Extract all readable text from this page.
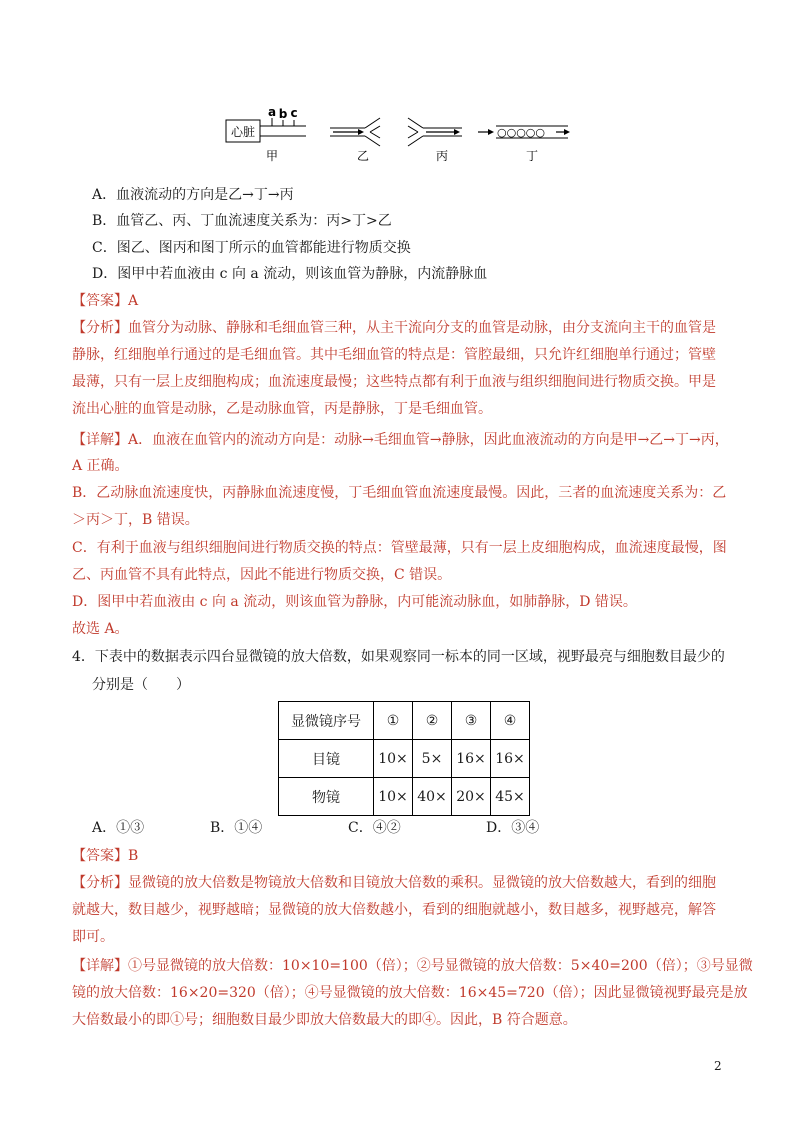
心脏
a b c
甲	乙	丙
○○○○○
丁
A．血液流动的方向是乙→丁→丙
B．血管乙、丙、丁血流速度关系为：丙>丁>乙
C．图乙、图丙和图丁所示的血管都能进行物质交换
D．图甲中若血液由 c 向 a 流动，则该血管为静脉，内流静脉血
【答案】A
【分析】血管分为动脉、静脉和毛细血管三种，从主干流向分支的血管是动脉，由分支流向主干的血管是
静脉，红细胞单行通过的是毛细血管。其中毛细血管的特点是：管腔最细，只允许红细胞单行通过；管壁
最薄，只有一层上皮细胞构成；血流速度最慢；这些特点都有利于血液与组织细胞间进行物质交换。甲是
流出心脏的血管是动脉，乙是动脉血管，丙是静脉，丁是毛细血管。
【详解】A．血液在血管内的流动方向是：动脉→毛细血管→静脉，因此血液流动的方向是甲→乙→丁→丙，
A 正确。
B．乙动脉血流速度快，丙静脉血流速度慢，丁毛细血管血流速度最慢。因此，三者的血流速度关系为：乙
＞丙＞丁，B 错误。
C．有利于血液与组织细胞间进行物质交换的特点：管壁最薄，只有一层上皮细胞构成，血流速度最慢，图
乙、丙血管不具有此特点，因此不能进行物质交换，C 错误。
D．图甲中若血液由 c 向 a 流动，则该血管为静脉，内可能流动脉血，如肺静脉，D 错误。
故选 A。
4．下表中的数据表示四台显微镜的放大倍数，如果观察同一标本的同一区域，视野最亮与细胞数目最少的
分别是（　　）
显微镜序号	①	②	③	④
目镜	10×	5×	16×	16×
物镜	10×	40×	20×	45×
A．①③	B．①④	C．④②	D．③④
【答案】B
【分析】显微镜的放大倍数是物镜放大倍数和目镜放大倍数的乘积。显微镜的放大倍数越大，看到的细胞
就越大，数目越少，视野越暗；显微镜的放大倍数越小，看到的细胞就越小，数目越多，视野越亮，解答
即可。
【详解】①号显微镜的放大倍数：10×10=100（倍）；②号显微镜的放大倍数：5×40=200（倍）；③号显微
镜的放大倍数：16×20=320（倍）；④号显微镜的放大倍数：16×45=720（倍）；因此显微镜视野最亮是放
大倍数最小的即①号；细胞数目最少即放大倍数最大的即④。因此，B 符合题意。
2
